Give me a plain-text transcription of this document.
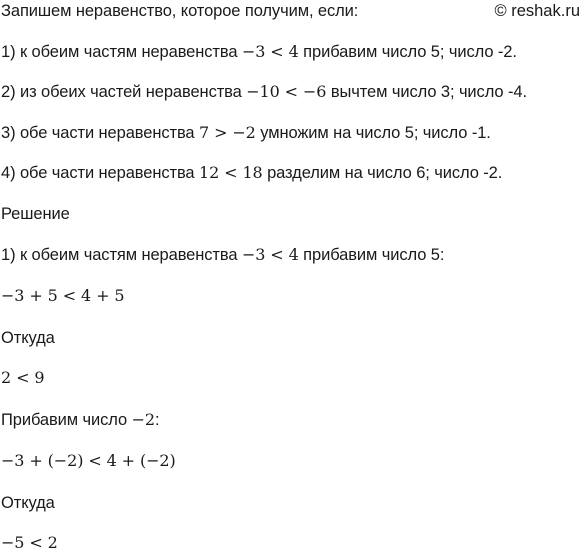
© reshak.ru
Запишем неравенство, которое получим, если:
1) к обеим частям неравенства −3 < 4 прибавим число 5; число -2.
2) из обеих частей неравенства −10 < −6 вычтем число 3; число -4.
3) обе части неравенства 7 > −2 умножим на число 5; число -1.
4) обе части неравенства 12 < 18 разделим на число 6; число -2.
Решение
1) к обеим частям неравенства −3 < 4 прибавим число 5:
−3 + 5 < 4 + 5
Откуда
2 < 9
Прибавим число −2:
−3 + (−2) < 4 + (−2)
Откуда
−5 < 2
